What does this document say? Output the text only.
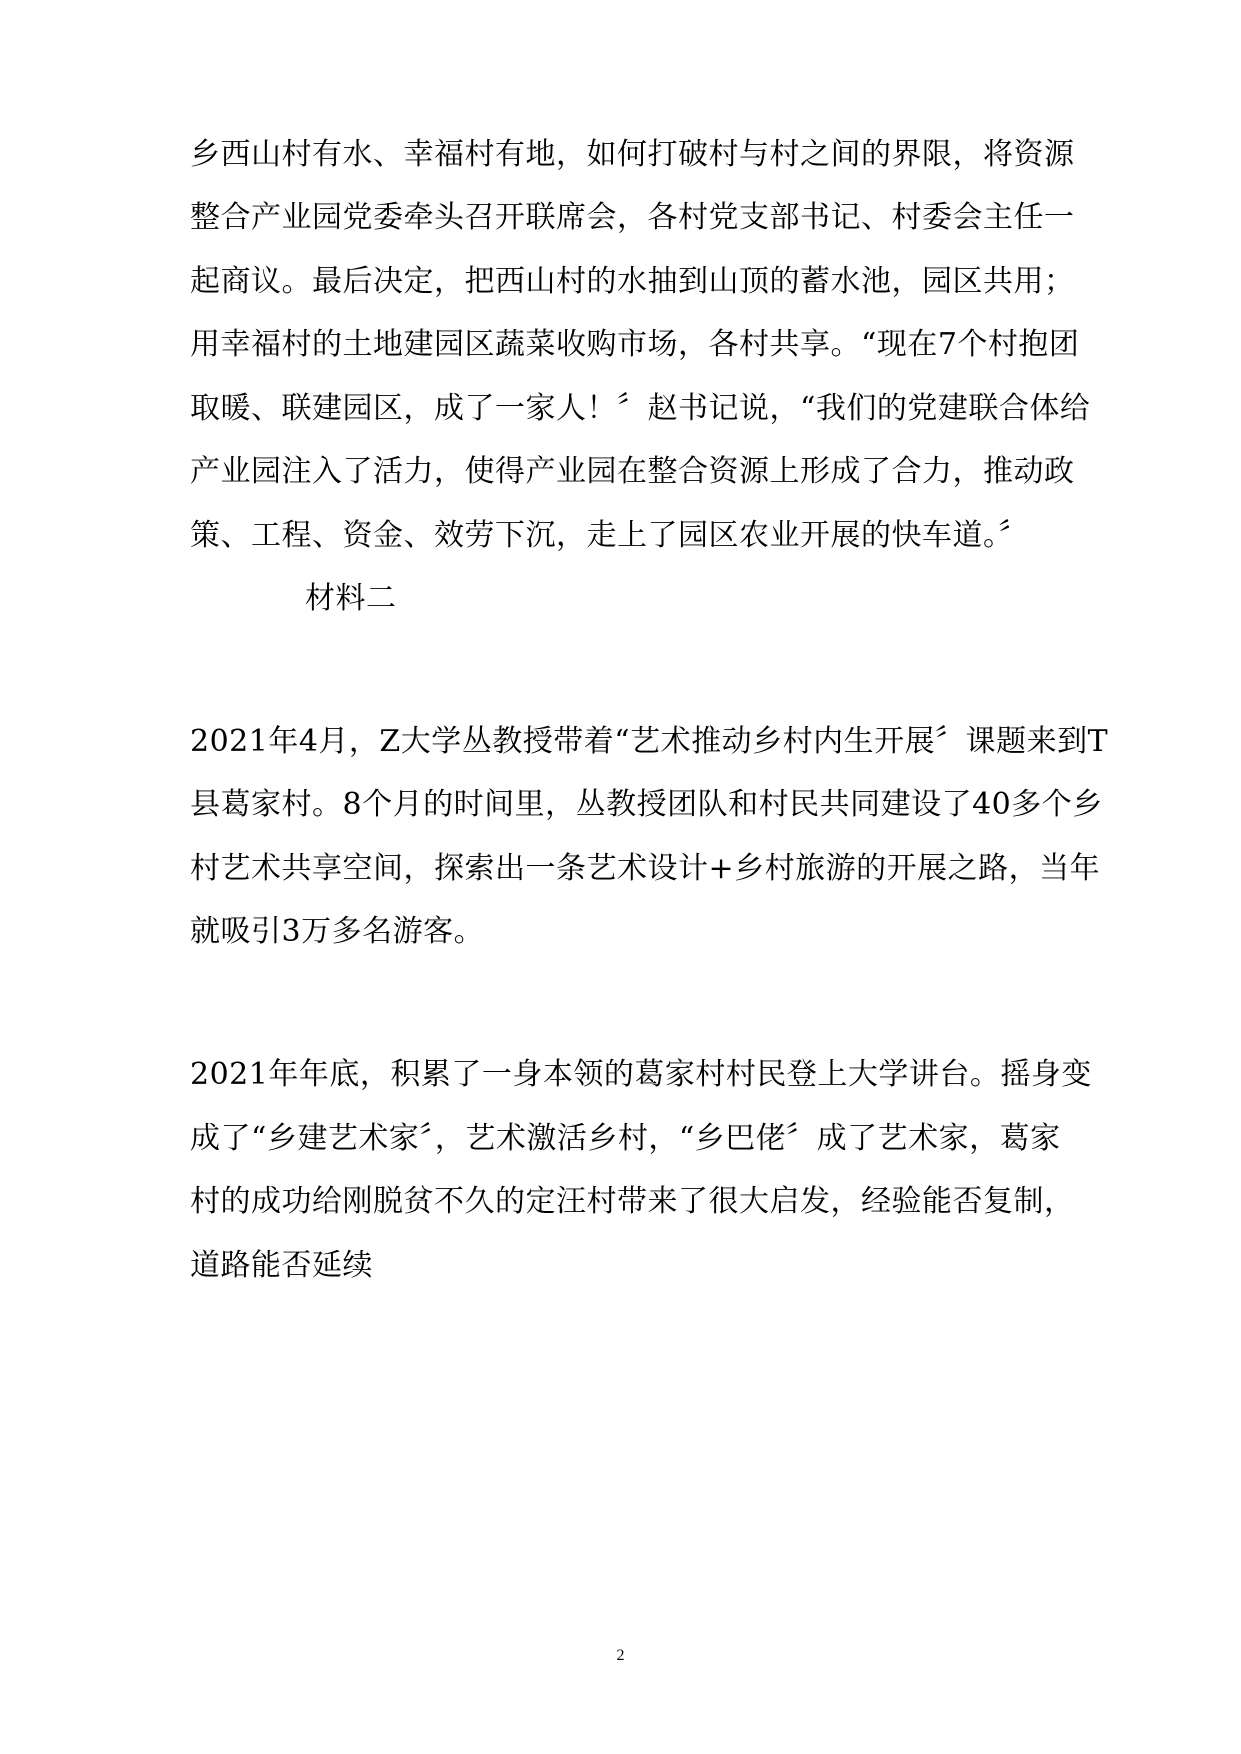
乡西山村有水、幸福村有地，如何打破村与村之间的界限，将资源
整合产业园党委牵头召开联席会，各村党支部书记、村委会主任一
起商议。最后决定，把西山村的水抽到山顶的蓄水池，园区共用；
用幸福村的土地建园区蔬菜收购市场，各村共享。“现在7个村抱团
取暖、联建园区，成了一家人！〞赵书记说，“我们的党建联合体给
产业园注入了活力，使得产业园在整合资源上形成了合力，推动政
策、工程、资金、效劳下沉，走上了园区农业开展的快车道。〞
材料二
2021年4月，Z大学丛教授带着“艺术推动乡村内生开展〞课题来到T
县葛家村。8个月的时间里，丛教授团队和村民共同建设了40多个乡
村艺术共享空间，探索出一条艺术设计+乡村旅游的开展之路，当年
就吸引3万多名游客。
2021年年底，积累了一身本领的葛家村村民登上大学讲台。摇身变
成了“乡建艺术家〞，艺术激活乡村，“乡巴佬〞成了艺术家，葛家
村的成功给刚脱贫不久的定汪村带来了很大启发，经验能否复制，
道路能否延续
2
